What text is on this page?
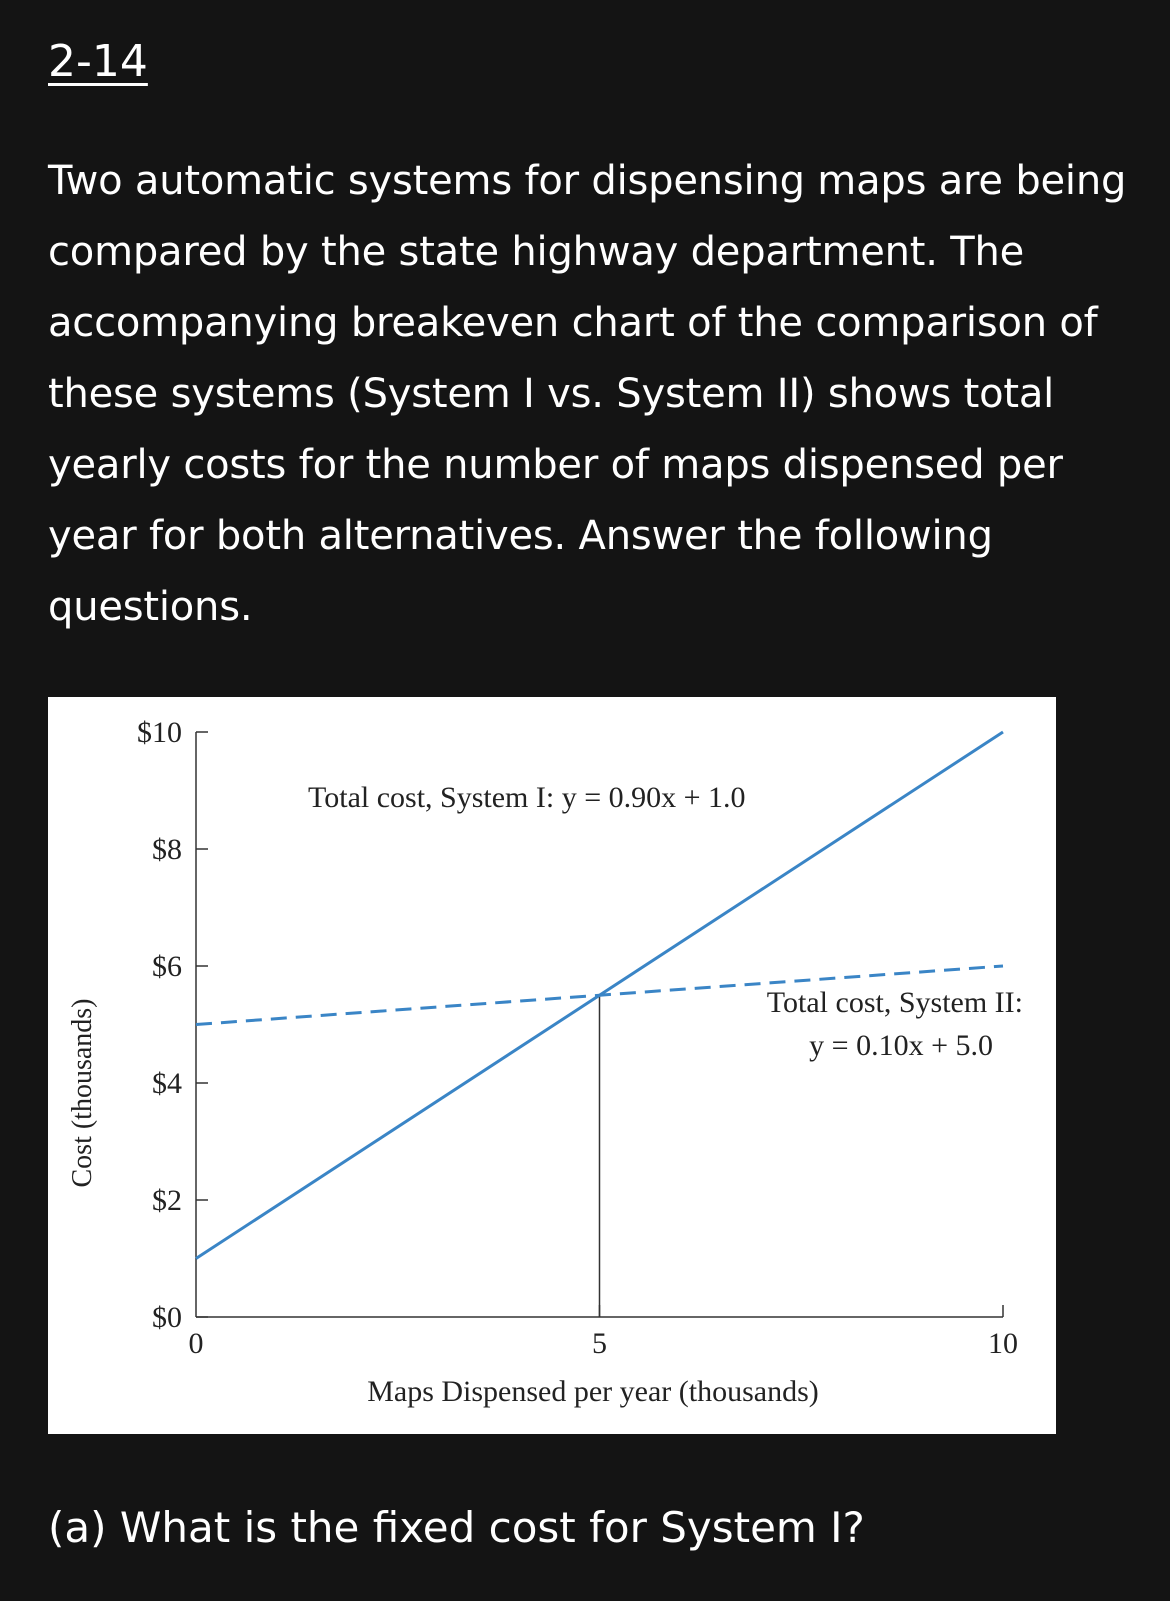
2-14
Two automatic systems for dispensing maps are being compared by the state highway department. The accompanying breakeven chart of the comparison of these systems (System I vs. System II) shows total yearly costs for the number of maps dispensed per year for both alternatives. Answer the following questions.
$0
$2
$4
$6
$8
$10
0	5	10
Total cost, System I: y = 0.90x + 1.0
Total cost, System II:
y = 0.10x + 5.0
Maps Dispensed per year (thousands)
Cost (thousands)
(a) What is the fixed cost for System I?
